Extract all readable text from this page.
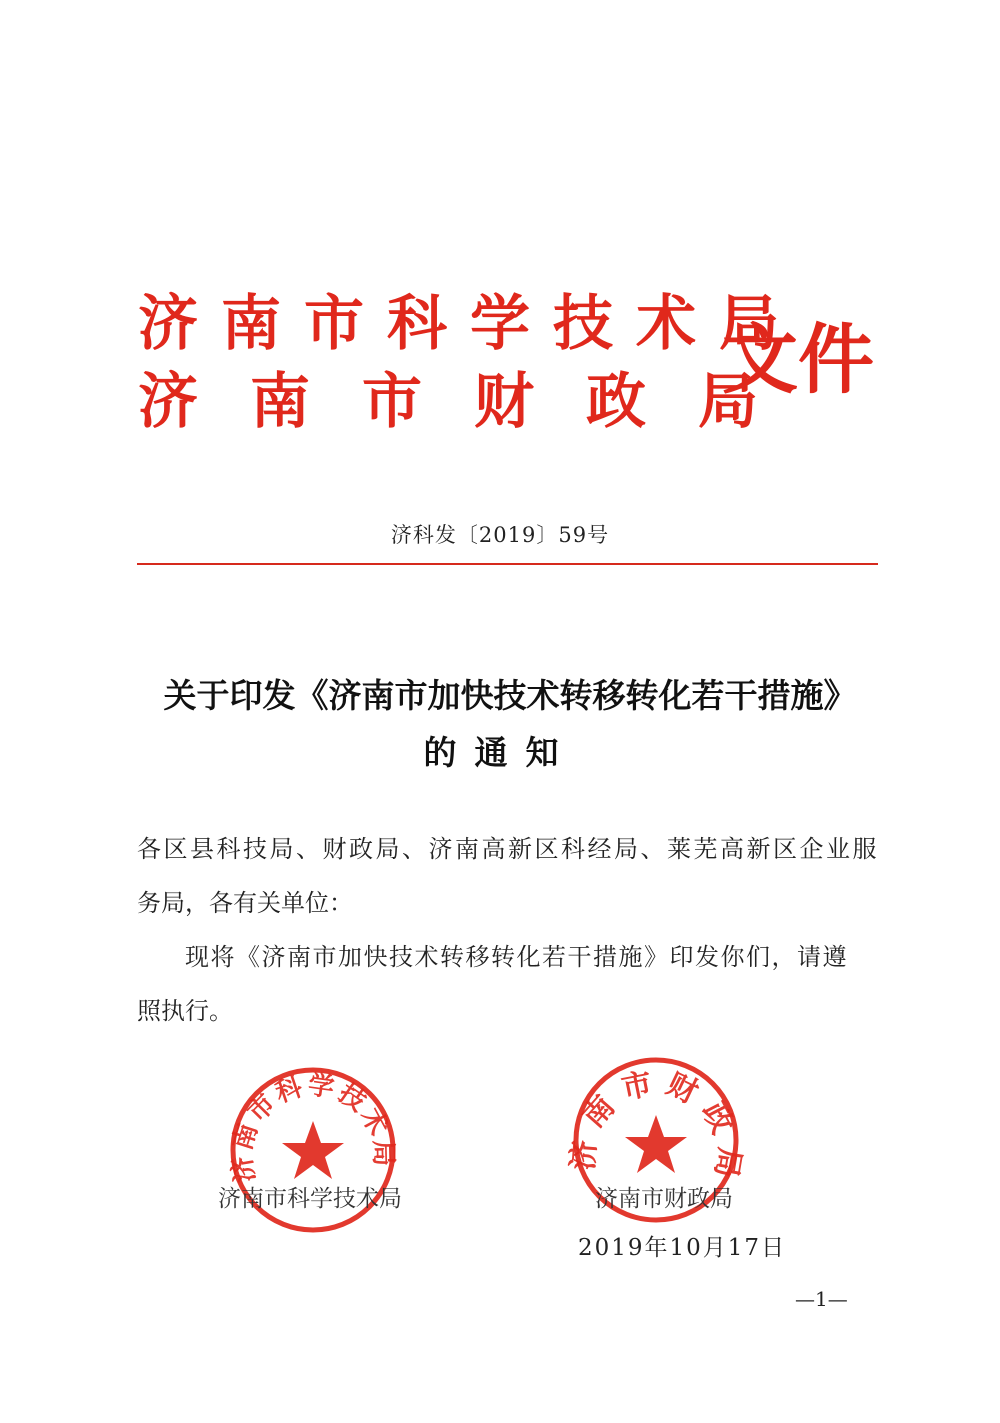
济南市科学技术局
济南市财政局
文件
济科发〔2019〕59号
关于印发《济南市加快技术转移转化若干措施》
的通知
各区县科技局、财政局、济南高新区科经局、莱芜高新区企业服
务局，各有关单位：
现将《济南市加快技术转移转化若干措施》印发你们，请遵
照执行。
济南市科学技术局	济南市财政局
济南市科学技术局	济南市财政局
2019年10月17日
—1—
